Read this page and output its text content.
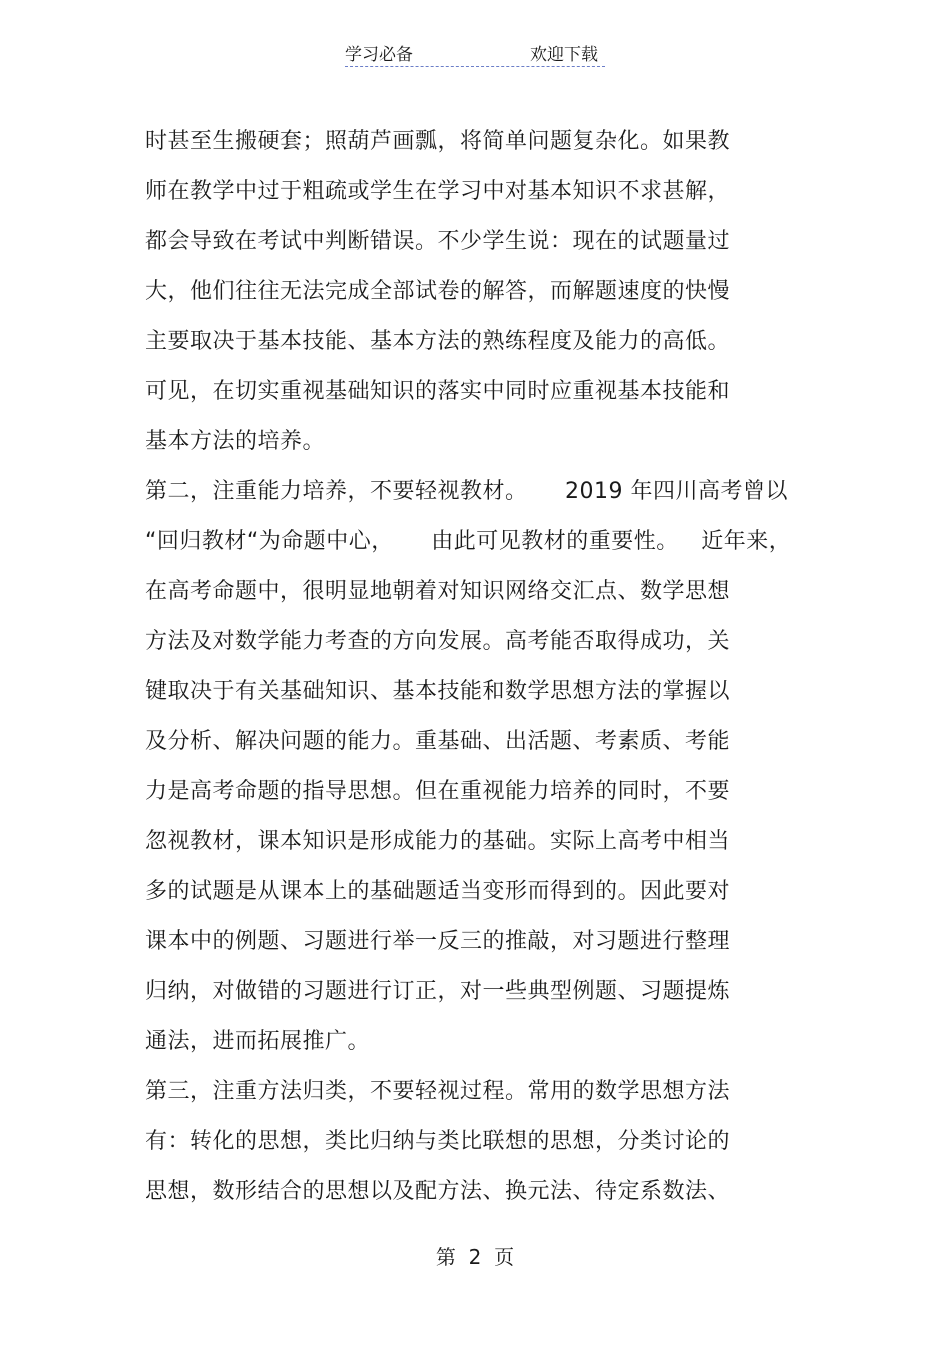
学习必备	欢迎下载
时甚至生搬硬套；照葫芦画瓢，将简单问题复杂化。如果教
师在教学中过于粗疏或学生在学习中对基本知识不求甚解，
都会导致在考试中判断错误。不少学生说：现在的试题量过
大，他们往往无法完成全部试卷的解答，而解题速度的快慢
主要取决于基本技能、基本方法的熟练程度及能力的高低。
可见，在切实重视基础知识的落实中同时应重视基本技能和
基本方法的培养。
第二，注重能力培养，不要轻视教材。     2019 年四川高考曾以
“回归教材“为命题中心，     由此可见教材的重要性。   近年来，
在高考命题中，很明显地朝着对知识网络交汇点、数学思想
方法及对数学能力考查的方向发展。高考能否取得成功，关
键取决于有关基础知识、基本技能和数学思想方法的掌握以
及分析、解决问题的能力。重基础、出活题、考素质、考能
力是高考命题的指导思想。但在重视能力培养的同时，不要
忽视教材，课本知识是形成能力的基础。实际上高考中相当
多的试题是从课本上的基础题适当变形而得到的。因此要对
课本中的例题、习题进行举一反三的推敲，对习题进行整理
归纳，对做错的习题进行订正，对一些典型例题、习题提炼
通法，进而拓展推广。
第三，注重方法归类，不要轻视过程。常用的数学思想方法
有：转化的思想，类比归纳与类比联想的思想，分类讨论的
思想，数形结合的思想以及配方法、换元法、待定系数法、
第  2  页
